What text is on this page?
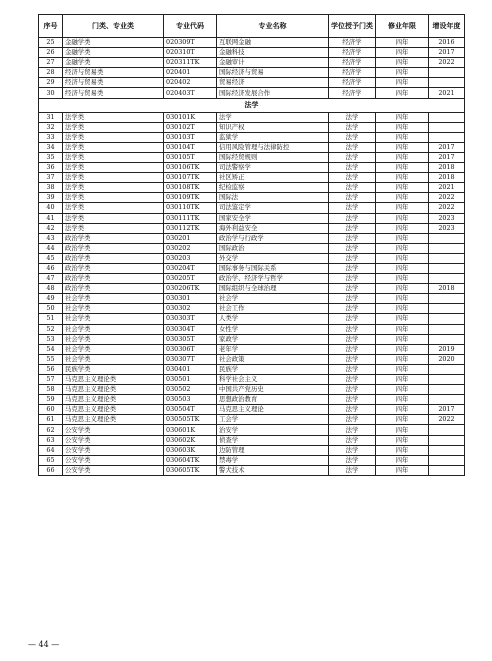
序号	门类、专业类	专业代码	专业名称	学位授予门类	修业年限	增设年度
25	金融学类	020309T	互联网金融	经济学	四年	2016
26	金融学类	020310T	金融科技	经济学	四年	2017
27	金融学类	020311TK	金融审计	经济学	四年	2022
28	经济与贸易类	020401	国际经济与贸易	经济学	四年	
29	经济与贸易类	020402	贸易经济	经济学	四年	
30	经济与贸易类	020403T	国际经济发展合作	经济学	四年	2021
法学						
31	法学类	030101K	法学	法学	四年	
32	法学类	030102T	知识产权	法学	四年	
33	法学类	030103T	监狱学	法学	四年	
34	法学类	030104T	信用风险管理与法律防控	法学	四年	2017
35	法学类	030105T	国际经贸规则	法学	四年	2017
36	法学类	030106TK	司法警察学	法学	四年	2018
37	法学类	030107TK	社区矫正	法学	四年	2018
38	法学类	030108TK	纪检监察	法学	四年	2021
39	法学类	030109TK	国际法	法学	四年	2022
40	法学类	030110TK	司法鉴定学	法学	四年	2022
41	法学类	030111TK	国家安全学	法学	四年	2023
42	法学类	030112TK	海外利益安全	法学	四年	2023
43	政治学类	030201	政治学与行政学	法学	四年	
44	政治学类	030202	国际政治	法学	四年	
45	政治学类	030203	外交学	法学	四年	
46	政治学类	030204T	国际事务与国际关系	法学	四年	
47	政治学类	030205T	政治学、经济学与哲学	法学	四年	
48	政治学类	030206TK	国际组织与全球治理	法学	四年	2018
49	社会学类	030301	社会学	法学	四年	
50	社会学类	030302	社会工作	法学	四年	
51	社会学类	030303T	人类学	法学	四年	
52	社会学类	030304T	女性学	法学	四年	
53	社会学类	030305T	家政学	法学	四年	
54	社会学类	030306T	老年学	法学	四年	2019
55	社会学类	030307T	社会政策	法学	四年	2020
56	民族学类	030401	民族学	法学	四年	
57	马克思主义理论类	030501	科学社会主义	法学	四年	
58	马克思主义理论类	030502	中国共产党历史	法学	四年	
59	马克思主义理论类	030503	思想政治教育	法学	四年	
60	马克思主义理论类	030504T	马克思主义理论	法学	四年	2017
61	马克思主义理论类	030505TK	工会学	法学	四年	2022
62	公安学类	030601K	治安学	法学	四年	
63	公安学类	030602K	侦查学	法学	四年	
64	公安学类	030603K	边防管理	法学	四年	
65	公安学类	030604TK	禁毒学	法学	四年	
66	公安学类	030605TK	警犬技术	法学	四年	
— 44 —
